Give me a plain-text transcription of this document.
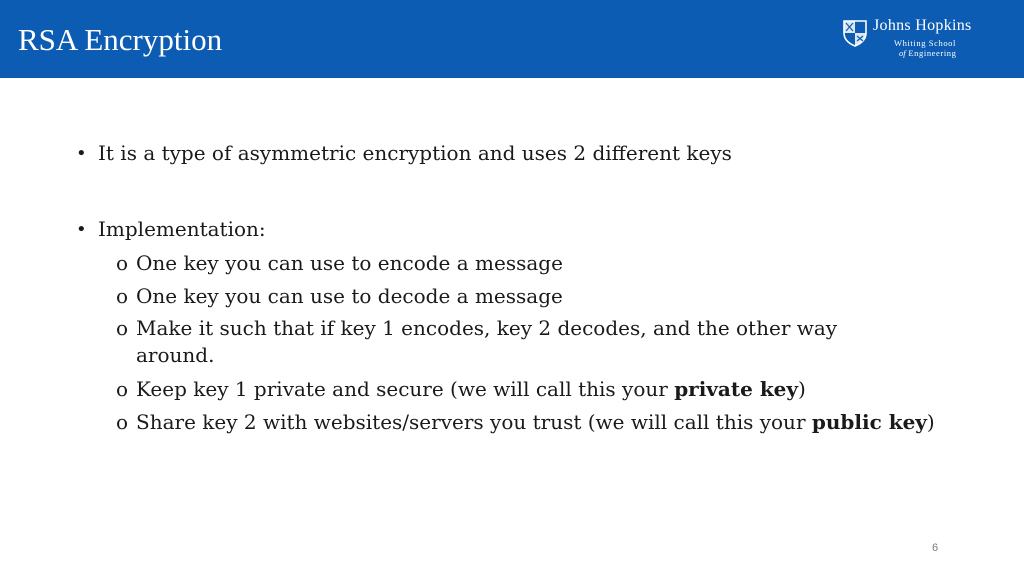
RSA Encryption	Johns Hopkins
Whiting School
of Engineering
• It is a type of asymmetric encryption and uses 2 different keys
• Implementation:
o One key you can use to encode a message
o One key you can use to decode a message
o Make it such that if key 1 encodes, key 2 decodes, and the other way around.
o Keep key 1 private and secure (we will call this your private key)
o Share key 2 with websites/servers you trust (we will call this your public key)
6
